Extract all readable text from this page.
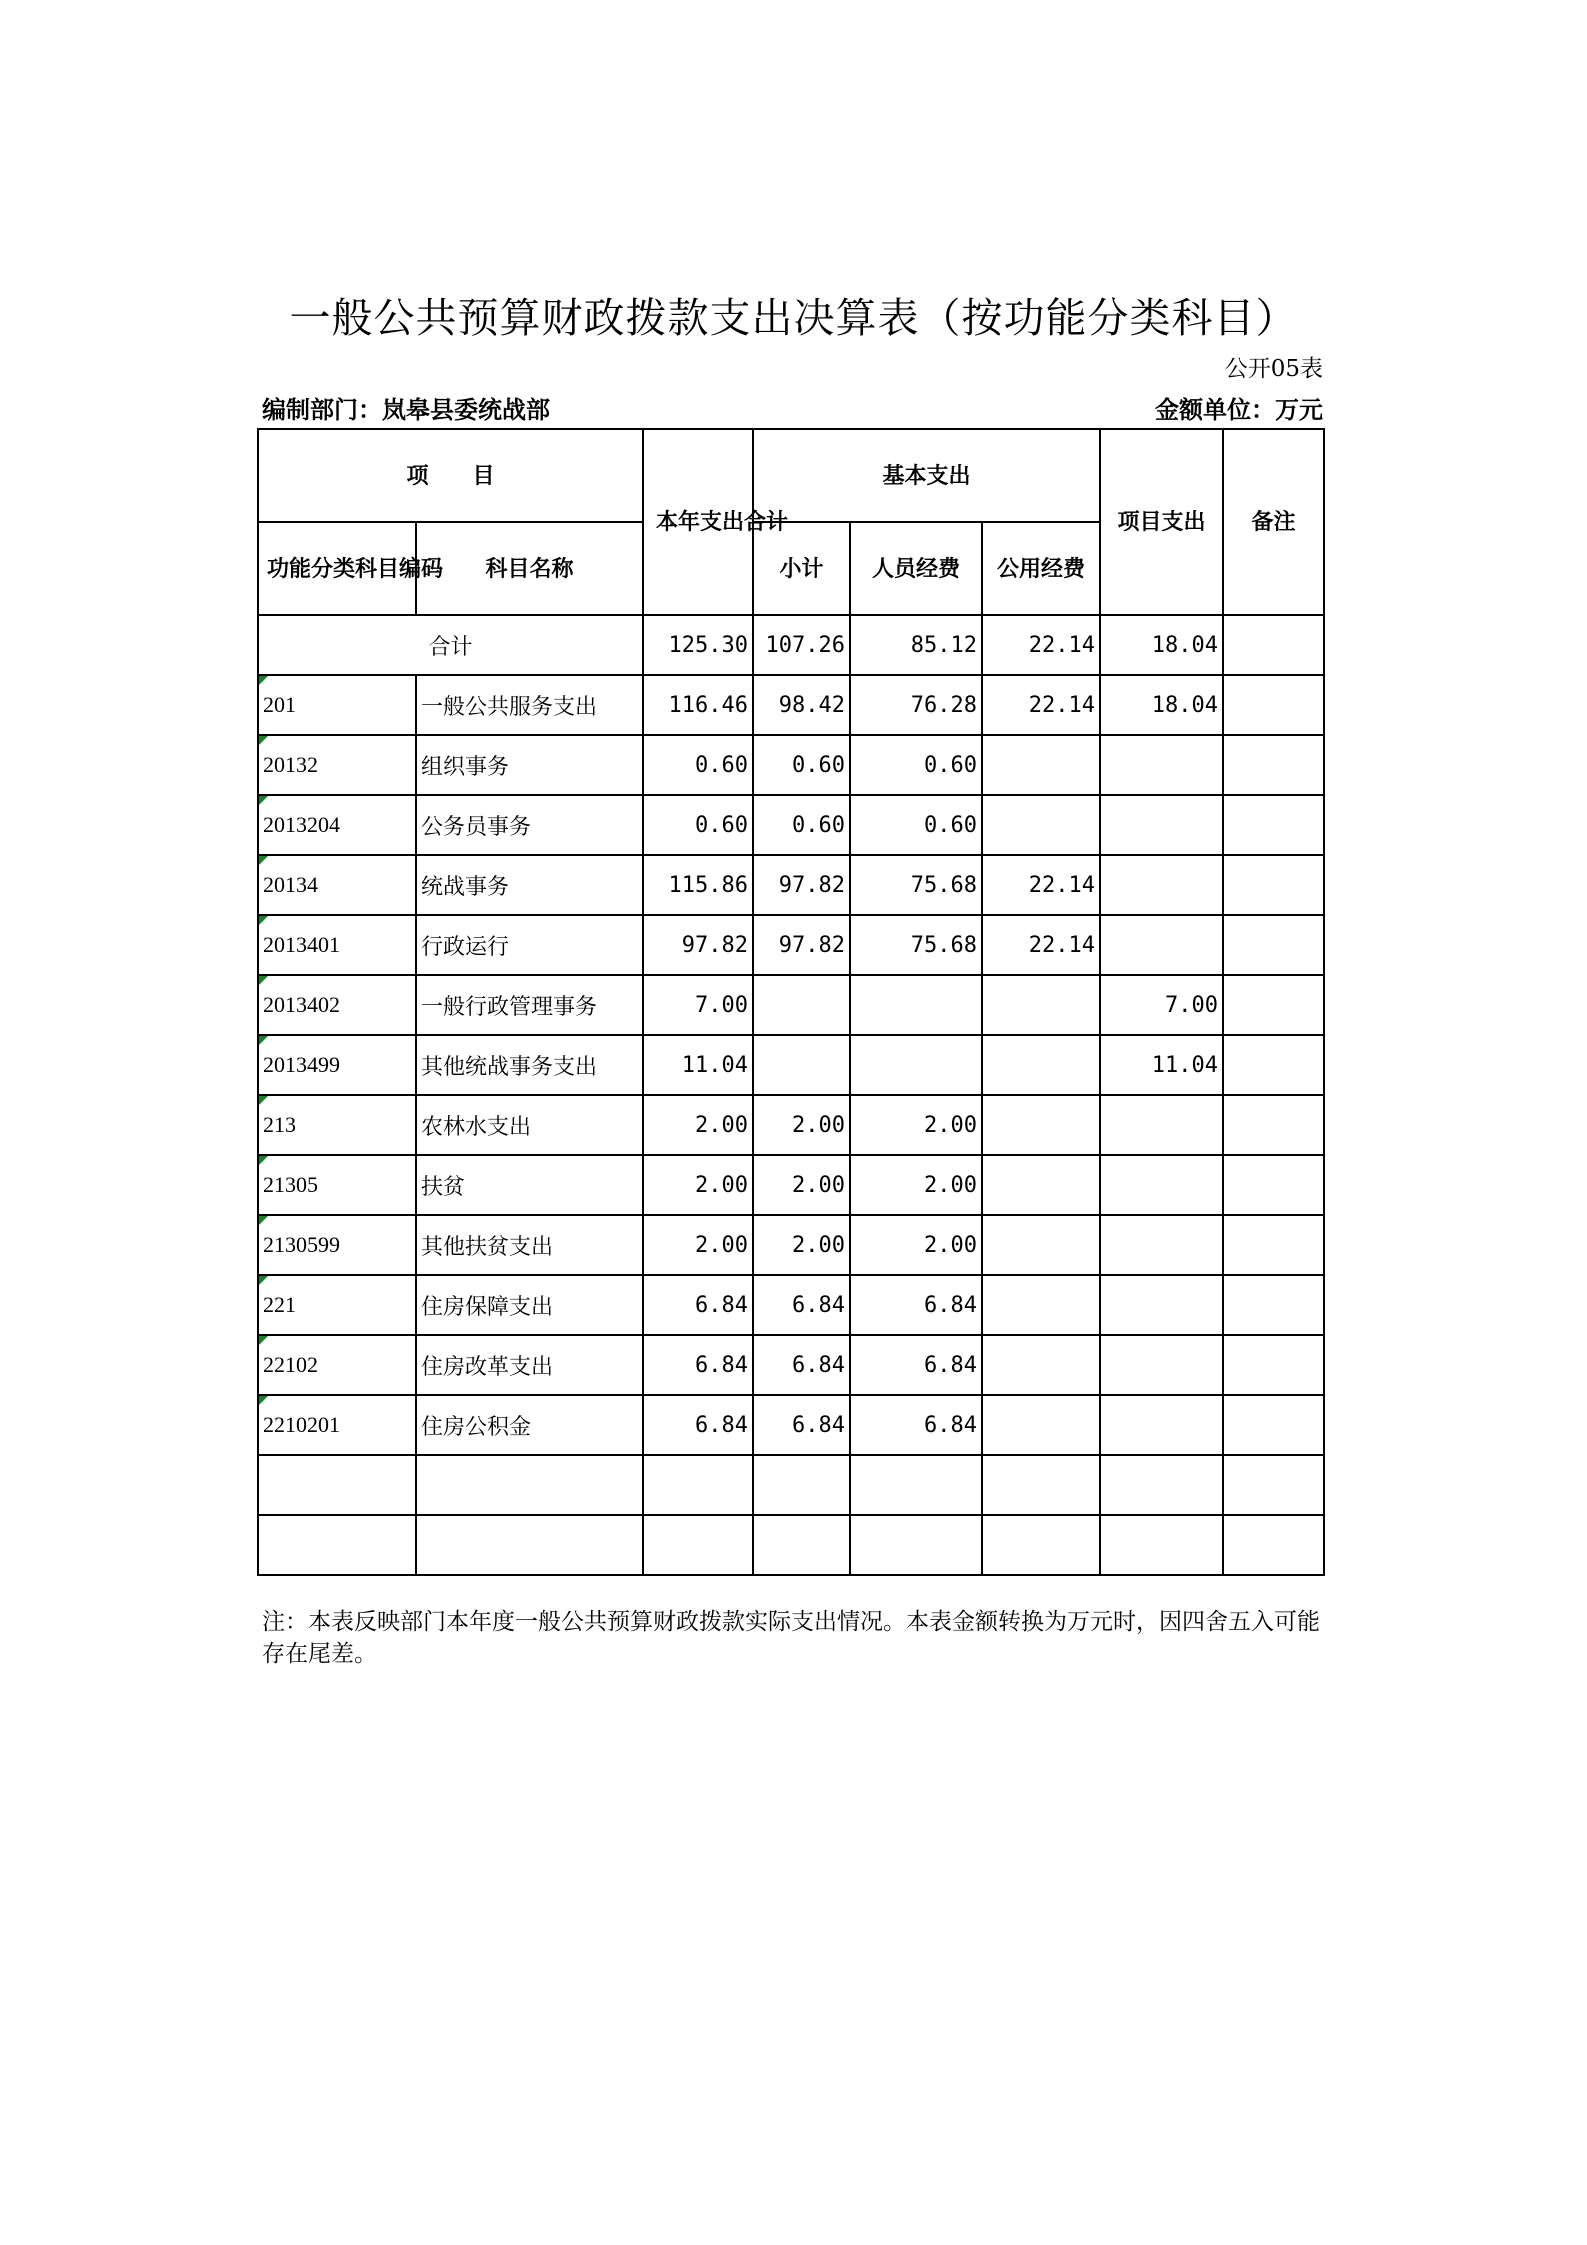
一般公共预算财政拨款支出决算表（按功能分类科目）
公开05表
编制部门：岚皋县委统战部	金额单位：万元
项　　目		本年支出合计	基本支出			项目支出	备注
功能分类科目编码	科目名称		小计	人员经费	公用经费		
合计		125.30	107.26	85.12	22.14	18.04	
201	一般公共服务支出	116.46	98.42	76.28	22.14	18.04	
20132	组织事务	0.60	0.60	0.60			
2013204	公务员事务	0.60	0.60	0.60			
20134	统战事务	115.86	97.82	75.68	22.14		
2013401	行政运行	97.82	97.82	75.68	22.14		
2013402	一般行政管理事务	7.00				7.00	
2013499	其他统战事务支出	11.04				11.04	
213	农林水支出	2.00	2.00	2.00			
21305	扶贫	2.00	2.00	2.00			
2130599	其他扶贫支出	2.00	2.00	2.00			
221	住房保障支出	6.84	6.84	6.84			
22102	住房改革支出	6.84	6.84	6.84			
2210201	住房公积金	6.84	6.84	6.84			

注：本表反映部门本年度一般公共预算财政拨款实际支出情况。本表金额转换为万元时，因四舍五入可能存在尾差。
